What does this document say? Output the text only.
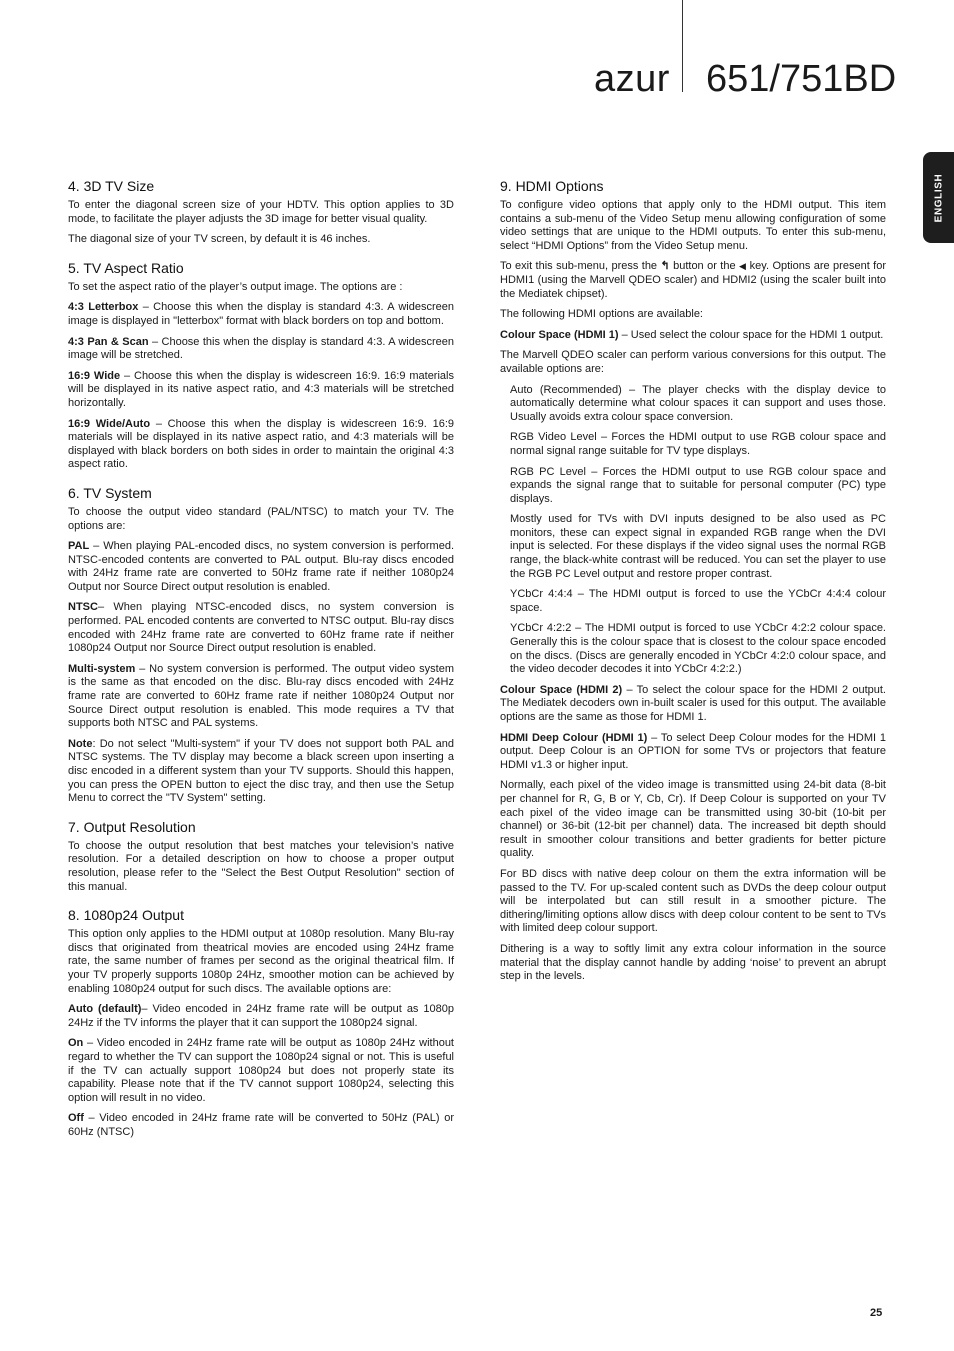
azur 651/751BD
ENGLISH
4. 3D TV Size

To enter the diagonal screen size of your HDTV. This option applies to 3D mode, to facilitate the player adjusts the 3D image for better visual quality.

The diagonal size of your TV screen, by default it is 46 inches.

5. TV Aspect Ratio

To set the aspect ratio of the player’s output image. The options are :

4:3 Letterbox – Choose this when the display is standard 4:3. A widescreen image is displayed in "letterbox" format with black borders on top and bottom.

4:3 Pan & Scan – Choose this when the display is standard 4:3. A widescreen image will be stretched.

16:9 Wide – Choose this when the display is widescreen 16:9. 16:9 materials will be displayed in its native aspect ratio, and 4:3 materials will be stretched horizontally.

16:9 Wide/Auto – Choose this when the display is widescreen 16:9. 16:9 materials will be displayed in its native aspect ratio, and 4:3 materials will be displayed with black borders on both sides in order to maintain the original 4:3 aspect ratio.

6. TV System

To choose the output video standard (PAL/NTSC) to match your TV. The options are:

PAL – When playing PAL-encoded discs, no system conversion is performed. NTSC-encoded contents are converted to PAL output. Blu-ray discs encoded with 24Hz frame rate are converted to 50Hz frame rate if neither 1080p24 Output nor Source Direct output resolution is enabled.

NTSC– When playing NTSC-encoded discs, no system conversion is performed. PAL encoded contents are converted to NTSC output. Blu-ray discs encoded with 24Hz frame rate are converted to 60Hz frame rate if neither 1080p24 Output nor Source Direct output resolution is enabled.

Multi-system – No system conversion is performed. The output video system is the same as that encoded on the disc. Blu-ray discs encoded with 24Hz frame rate are converted to 60Hz frame rate if neither 1080p24 Output nor Source Direct output resolution is enabled. This mode requires a TV that supports both NTSC and PAL systems.

Note: Do not select "Multi-system" if your TV does not support both PAL and NTSC systems. The TV display may become a black screen upon inserting a disc encoded in a different system than your TV supports. Should this happen, you can press the OPEN button to eject the disc tray, and then use the Setup Menu to correct the "TV System" setting.

7. Output Resolution

To choose the output resolution that best matches your television’s native resolution. For a detailed description on how to choose a proper output resolution, please refer to the "Select the Best Output Resolution" section of this manual.

8. 1080p24 Output

This option only applies to the HDMI output at 1080p resolution. Many Blu-ray discs that originated from theatrical movies are encoded using 24Hz frame rate, the same number of frames per second as the original theatrical film. If your TV properly supports 1080p 24Hz, smoother motion can be achieved by enabling 1080p24 output for such discs. The available options are:

Auto (default)– Video encoded in 24Hz frame rate will be output as 1080p 24Hz if the TV informs the player that it can support the 1080p24 signal.

On – Video encoded in 24Hz frame rate will be output as 1080p 24Hz without regard to whether the TV can support the 1080p24 signal or not. This is useful if the TV can actually support 1080p24 but does not properly state its capability. Please note that if the TV cannot support 1080p24, selecting this option will result in no video.

Off – Video encoded in 24Hz frame rate will be converted to 50Hz (PAL) or 60Hz (NTSC)

9. HDMI Options

To configure video options that apply only to the HDMI output. This item contains a sub-menu of the Video Setup menu allowing configuration of some video settings that are unique to the HDMI outputs. To enter this sub-menu, select “HDMI Options” from the Video Setup menu.

To exit this sub-menu, press the ↰ button or the ◀ key. Options are present for HDMI1 (using the Marvell QDEO scaler) and HDMI2 (using the scaler built into the Mediatek chipset).

The following HDMI options are available:

Colour Space (HDMI 1) – Used select the colour space for the HDMI 1 output.

The Marvell QDEO scaler can perform various conversions for this output. The available options are:

Auto (Recommended) – The player checks with the display device to automatically determine what colour spaces it can support and uses those. Usually avoids extra colour space conversion.

RGB Video Level – Forces the HDMI output to use RGB colour space and normal signal range suitable for TV type displays.

RGB PC Level – Forces the HDMI output to use RGB colour space and expands the signal range that to suitable for personal computer (PC) type displays.

Mostly used for TVs with DVI inputs designed to be also used as PC monitors, these can expect signal in expanded RGB range when the DVI input is selected. For these displays if the video signal uses the normal RGB range, the black-white contrast will be reduced. You can set the player to use the RGB PC Level output and restore proper contrast.

YCbCr 4:4:4 – The HDMI output is forced to use the YCbCr 4:4:4 colour space.

YCbCr 4:2:2 – The HDMI output is forced to use YCbCr 4:2:2 colour space. Generally this is the colour space that is closest to the colour space encoded on the discs. (Discs are generally encoded in YCbCr 4:2:0 colour space, and the video decoder decodes it into YCbCr 4:2:2.)

Colour Space (HDMI 2) – To select the colour space for the HDMI 2 output. The Mediatek decoders own in-built scaler is used for this output. The available options are the same as those for HDMI 1.

HDMI Deep Colour (HDMI 1) – To select Deep Colour modes for the HDMI 1 output. Deep Colour is an OPTION for some TVs or projectors that feature HDMI v1.3 or higher input.

Normally, each pixel of the video image is transmitted using 24-bit data (8-bit per channel for R, G, B or Y, Cb, Cr). If Deep Colour is supported on your TV each pixel of the video image can be transmitted using 30-bit (10-bit per channel) or 36-bit (12-bit per channel) data. The increased bit depth should result in smoother colour transitions and better gradients for better picture quality.

For BD discs with native deep colour on them the extra information will be passed to the TV. For up-scaled content such as DVDs the deep colour output will be interpolated but can still result in a smoother picture. The dithering/limiting options allow discs with deep colour content to be sent to TVs with limited deep colour support.

Dithering is a way to softly limit any extra colour information in the source material that the display cannot handle by adding ‘noise’ to prevent an abrupt step in the levels.

25
